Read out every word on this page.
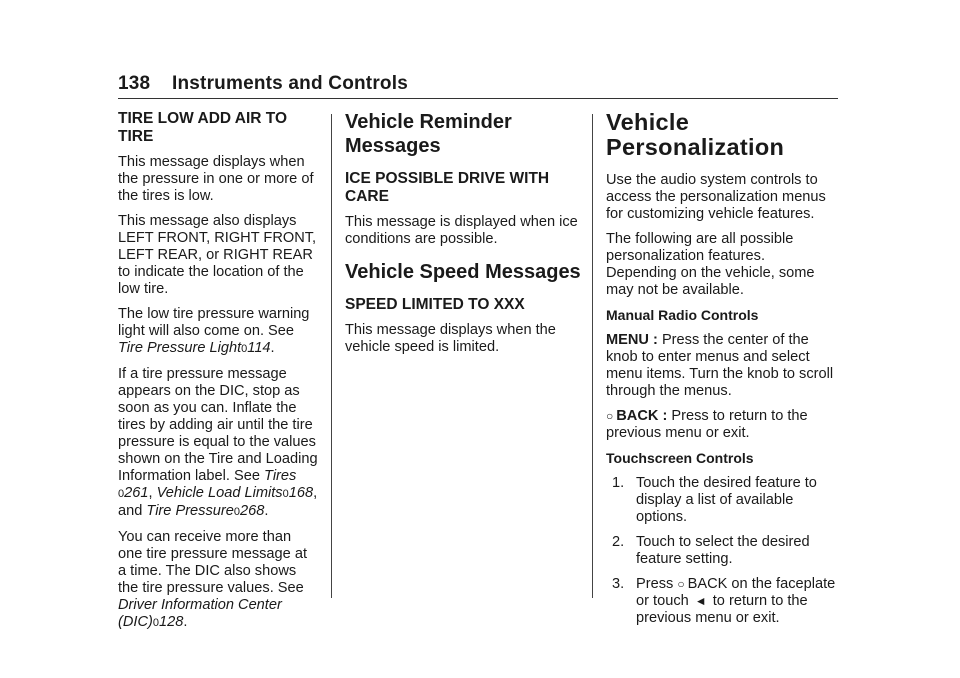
138 Instruments and Controls
TIRE LOW ADD AIR TO TIRE

This message displays when the pressure in one or more of the tires is low.

This message also displays LEFT FRONT, RIGHT FRONT, LEFT REAR, or RIGHT REAR to indicate the location of the low tire.

The low tire pressure warning light will also come on. See Tire Pressure Light0114.

If a tire pressure message appears on the DIC, stop as soon as you can. Inflate the tires by adding air until the tire pressure is equal to the values shown on the Tire and Loading Information label. See Tires
0261, Vehicle Load Limits0168,
and Tire Pressure0268.

You can receive more than one tire pressure message at a time. The DIC also shows the tire pressure values. See Driver Information Center (DIC)0128.

Vehicle Reminder Messages
ICE POSSIBLE DRIVE WITH CARE

This message is displayed when ice conditions are possible.

Vehicle Speed Messages
SPEED LIMITED TO XXX

This message displays when the vehicle speed is limited.

Vehicle Personalization

Use the audio system controls to access the personalization menus for customizing vehicle features.

The following are all possible personalization features. Depending on the vehicle, some may not be available.

Manual Radio Controls

MENU : Press the center of the knob to enter menus and select menu items. Turn the knob to scroll through the menus.

○ BACK : Press to return to the previous menu or exit.

Touchscreen Controls
1. Touch the desired feature to display a list of available options.
2. Touch to select the desired feature setting.
3. Press ○ BACK on the faceplate or touch ◄ to return to the previous menu or exit.
